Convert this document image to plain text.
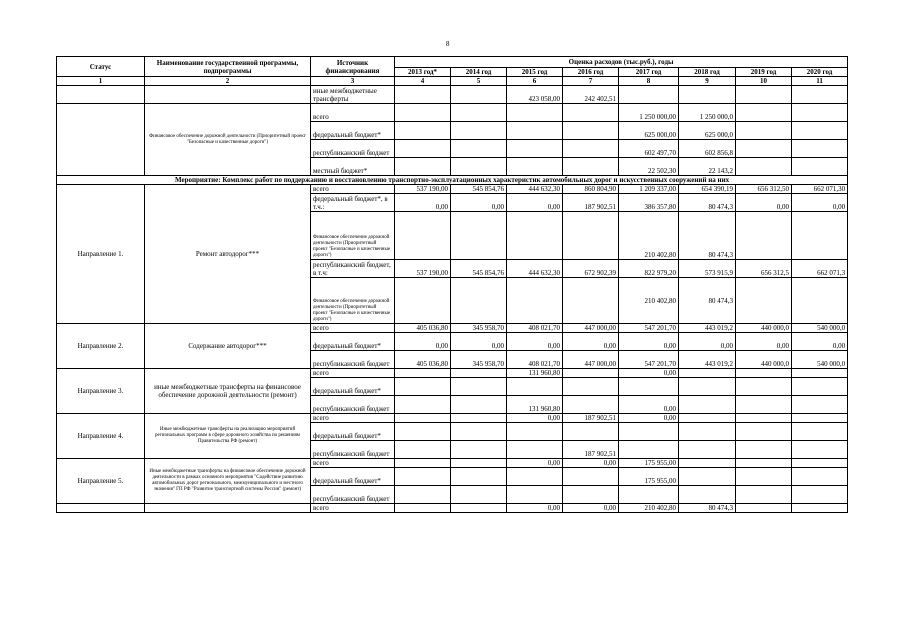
8
Статус	Наименование государственной программы, подпрограммы	Источник финансирования	Оценка расходов (тыс.руб.), годы							
			2013 год*	2014 год	2015 год	2016 год	2017 год	2018 год	2019 год	2020 год
1	2	3	4	5	6	7	8	9	10	11
		иные межбюджетные трансферты			423 058,00	242 402,51				
	Финансовое обеспечение дорожной деятельности (Приоритетный проект "Безопасные и качественные дороги")	всего					1 250 000,00	1 250 000,0		
		федеральный бюджет*					625 000,00	625 000,0		
		республиканский бюджет					602 497,70	602 856,8		
		местный бюджет*					22 502,30	22 143,2		
Мероприятие: Комплекс работ по поддержанию и восстановлению транспортно-эксплуатационных характеристик автомобильных дорог и искусственных сооружений на них										
Направление 1.	Ремонт автодорог***	всего	537 190,00	545 854,76	444 632,30	860 804,90	1 209 337,00	654 390,19	656 312,50	662 071,30
		федеральный бюджет*, в т.ч.:	0,00	0,00	0,00	187 902,51	386 357,80	80 474,3	0,00	0,00
		Финансовое обеспечение дорожной деятельности (Приоритетный проект "Безопасные и качественные дороги")					210 402,80	80 474,3		
		республиканский бюджет, в т.ч:	537 190,00	545 854,76	444 632,30	672 902,39	822 979,20	573 915,9	656 312,5	662 071,3
		Финансовое обеспечение дорожной деятельности (Приоритетный проект "Безопасные и качественные дороги")					210 402,80	80 474,3		
Направление 2.	Содержание автодорог***	всего	405 036,80	345 958,70	408 021,70	447 000,00	547 201,70	443 019,2	440 000,0	540 000,0
		федеральный бюджет*	0,00	0,00	0,00	0,00	0,00	0,00	0,00	0,00
		республиканский бюджет	405 036,80	345 958,70	408 021,70	447 000,00	547 201,70	443 019,2	440 000,0	540 000,0
Направление 3.	иные межбюджетные трансферты на финансовое обеспечение дорожной деятельности (ремонт)	всего			131 960,80		0,00			
		федеральный бюджет*								
		республиканский бюджет			131 960,80		0,00			
Направление 4.	Иные межбюджетные трансферты на реализацию мероприятий региональных программ в сфере дорожного хозяйства по решениям Правительства РФ (ремонт)	всего			0,00	187 902,51	0,00			
		федеральный бюджет*								
		республиканский бюджет				187 902,51				
Направление 5.	Иные межбюджетные трансферты на финансовое обеспечение дорожной деятельности в рамках основного мероприятия "Содействие развитию автомобильных дорог регионального, межмуниципального и местного значения" ГП РФ "Развитие транспортной системы России" (ремонт)	всего			0,00	0,00	175 955,00			
		федеральный бюджет*					175 955,00			
		республиканский бюджет								
		всего			0,00	0,00	210 402,80	80 474,3		
